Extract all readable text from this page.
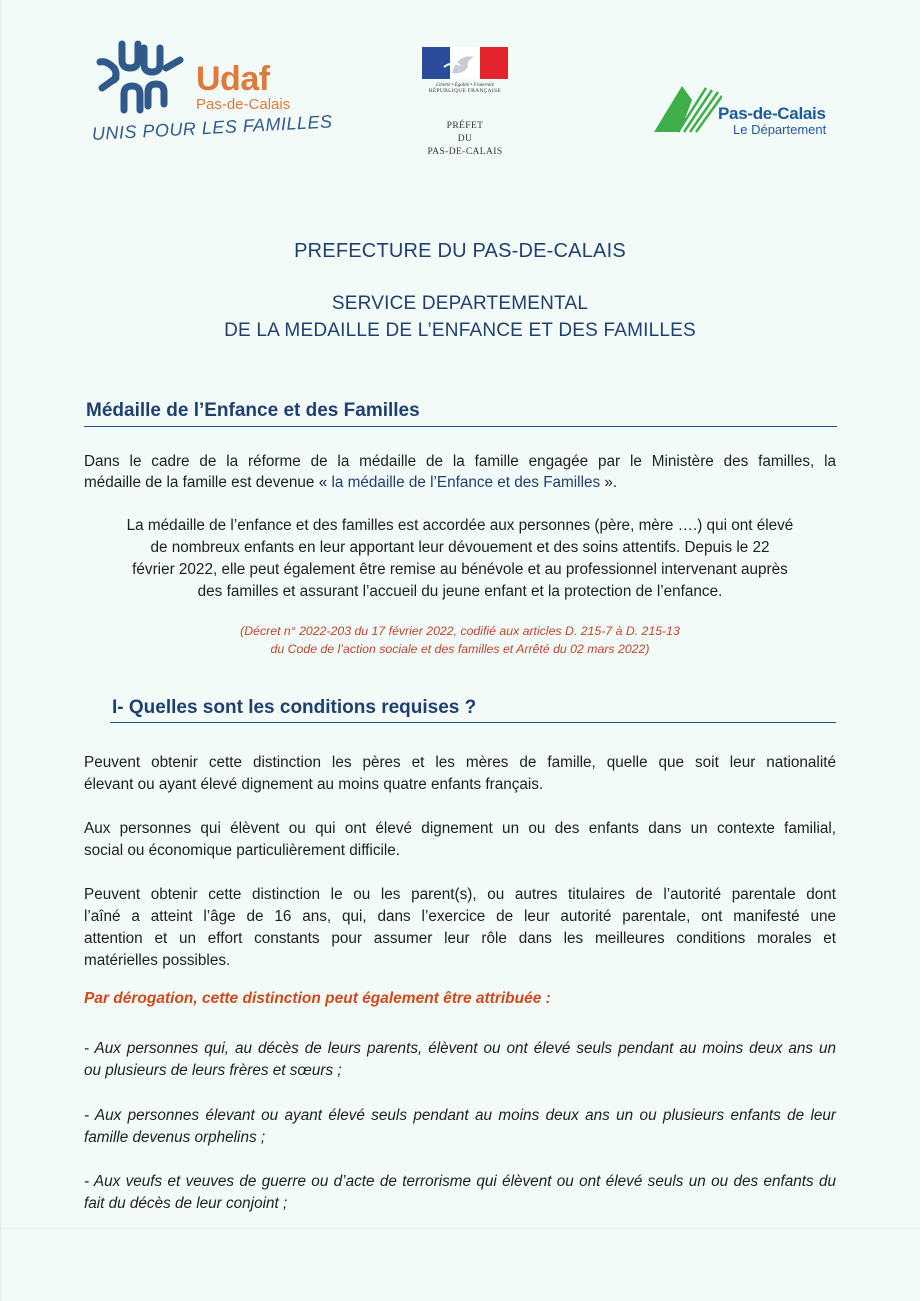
Udaf
Pas-de-Calais
UNIS POUR LES FAMILLES
Liberté • Égalité • Fraternité
RÉPUBLIQUE FRANÇAISE
PRÉFET
DU
PAS-DE-CALAIS
Pas-de-Calais
Le Département
PREFECTURE DU PAS-DE-CALAIS
SERVICE DEPARTEMENTAL
DE LA MEDAILLE DE L’ENFANCE ET DES FAMILLES
Médaille de l’Enfance et des Familles

Dans le cadre de la réforme de la médaille de la famille engagée par le Ministère des familles, la

médaille de la famille est devenue « la médaille de l’Enfance et des Familles ».

La médaille de l’enfance et des familles est accordée aux personnes (père, mère ….) qui ont élevé

de nombreux enfants en leur apportant leur dévouement et des soins attentifs. Depuis le 22

février 2022, elle peut également être remise au bénévole et au professionnel intervenant auprès

des familles et assurant l’accueil du jeune enfant et la protection de l’enfance.

(Décret n° 2022-203 du 17 février 2022, codifié aux articles D. 215-7 à D. 215-13
du Code de l’action sociale et des familles et Arrêté du 02 mars 2022)
I- Quelles sont les conditions requises ?

Peuvent obtenir cette distinction les pères et les mères de famille, quelle que soit leur nationalité

élevant ou ayant élevé dignement au moins quatre enfants français.

Aux personnes qui élèvent ou qui ont élevé dignement un ou des enfants dans un contexte familial,

social ou économique particulièrement difficile.

Peuvent obtenir cette distinction le ou les parent(s), ou autres titulaires de l’autorité parentale dont

l’aîné a atteint l’âge de 16 ans, qui, dans l’exercice de leur autorité parentale, ont manifesté une

attention et un effort constants pour assumer leur rôle dans les meilleures conditions morales et

matérielles possibles.

Par dérogation, cette distinction peut également être attribuée :

- Aux personnes qui, au décès de leurs parents, élèvent ou ont élevé seuls pendant au moins deux ans un

ou plusieurs de leurs frères et sœurs ;

- Aux personnes élevant ou ayant élevé seuls pendant au moins deux ans un ou plusieurs enfants de leur

famille devenus orphelins ;

- Aux veufs et veuves de guerre ou d’acte de terrorisme qui élèvent ou ont élevé seuls un ou des enfants du

fait du décès de leur conjoint ;
